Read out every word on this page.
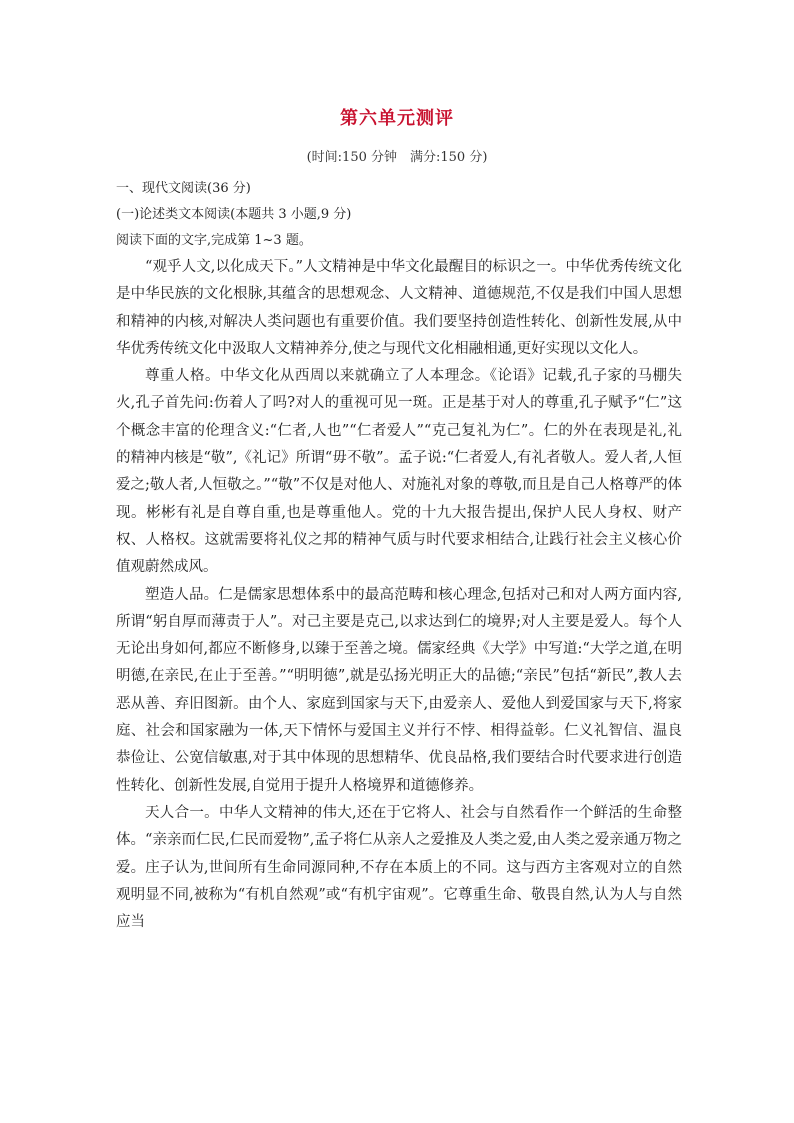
第六单元测评
(时间:150 分钟　满分:150 分)
一、现代文阅读(36 分)
(一)论述类文本阅读(本题共 3 小题,9 分)
阅读下面的文字,完成第 1~3 题。

“观乎人文,以化成天下。”人文精神是中华文化最醒目的标识之一。中华优秀传统文化是中华民族的文化根脉,其蕴含的思想观念、人文精神、道德规范,不仅是我们中国人思想和精神的内核,对解决人类问题也有重要价值。我们要坚持创造性转化、创新性发展,从中华优秀传统文化中汲取人文精神养分,使之与现代文化相融相通,更好实现以文化人。

尊重人格。中华文化从西周以来就确立了人本理念。《论语》记载,孔子家的马棚失火,孔子首先问:伤着人了吗?对人的重视可见一斑。正是基于对人的尊重,孔子赋予“仁”这个概念丰富的伦理含义:“仁者,人也”“仁者爱人”“克己复礼为仁”。仁的外在表现是礼,礼的精神内核是“敬”,《礼记》所谓“毋不敬”。孟子说:“仁者爱人,有礼者敬人。爱人者,人恒爱之;敬人者,人恒敬之。”“敬”不仅是对他人、对施礼对象的尊敬,而且是自己人格尊严的体现。彬彬有礼是自尊自重,也是尊重他人。党的十九大报告提出,保护人民人身权、财产权、人格权。这就需要将礼仪之邦的精神气质与时代要求相结合,让践行社会主义核心价值观蔚然成风。

塑造人品。仁是儒家思想体系中的最高范畴和核心理念,包括对己和对人两方面内容,所谓“躬自厚而薄责于人”。对己主要是克己,以求达到仁的境界;对人主要是爱人。每个人无论出身如何,都应不断修身,以臻于至善之境。儒家经典《大学》中写道:“大学之道,在明明德,在亲民,在止于至善。”“明明德”,就是弘扬光明正大的品德;“亲民”包括“新民”,教人去恶从善、弃旧图新。由个人、家庭到国家与天下,由爱亲人、爱他人到爱国家与天下,将家庭、社会和国家融为一体,天下情怀与爱国主义并行不悖、相得益彰。仁义礼智信、温良恭俭让、公宽信敏惠,对于其中体现的思想精华、优良品格,我们要结合时代要求进行创造性转化、创新性发展,自觉用于提升人格境界和道德修养。

天人合一。中华人文精神的伟大,还在于它将人、社会与自然看作一个鲜活的生命整体。“亲亲而仁民,仁民而爱物”,孟子将仁从亲人之爱推及人类之爱,由人类之爱亲通万物之爱。庄子认为,世间所有生命同源同种,不存在本质上的不同。这与西方主客观对立的自然观明显不同,被称为“有机自然观”或“有机宇宙观”。它尊重生命、敬畏自然,认为人与自然应当
